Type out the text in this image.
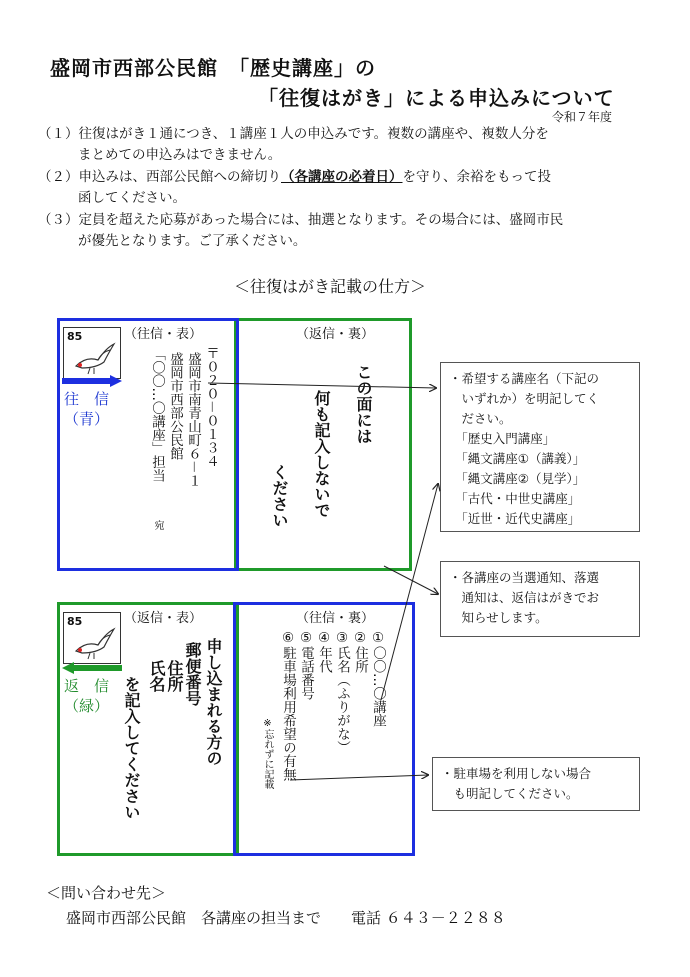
盛岡市西部公民館　「歴史講座」の
「往復はがき」による申込みについて
令和７年度
（１）往復はがき１通につき、１講座１人の申込みです。複数の講座や、複数人分を
まとめての申込みはできません。
（２）申込みは、西部公民館への締切り（各講座の必着日）を守り、余裕をもって投
函してください。
（３）定員を超えた応募があった場合には、抽選となります。その場合には、盛岡市民
が優先となります。ご了承ください。
＜往復はがき記載の仕方＞
（往信・表）	（返信・裏）
85
往　信
（青）	〒０２０－０１３４
盛岡市南青山町６－１
盛岡市西部公民館
「〇〇…〇講座」担当
宛
この面には
何も記入しないで
ください
（返信・表）	（往信・裏）
85
返　信
（緑）	申し込まれる方の
郵便番号
住所
氏名
を記入してください	①〇〇…〇講座
②住所
③氏名（ふりがな）
④年代
⑤電話番号
⑥駐車場利用希望の有無
※忘れずに記載
・希望する講座名（下記の
　いずれか）を明記してく
　ださい。
　「歴史入門講座」
　「縄文講座①（講義）」
　「縄文講座②（見学）」
　「古代・中世史講座」
　「近世・近代史講座」
・各講座の当選通知、落選
　通知は、返信はがきでお
　知らせします。
・駐車場を利用しない場合
　も明記してください。
＜問い合わせ先＞
盛岡市西部公民館　各講座の担当まで　　電話 ６４３－２２８８
